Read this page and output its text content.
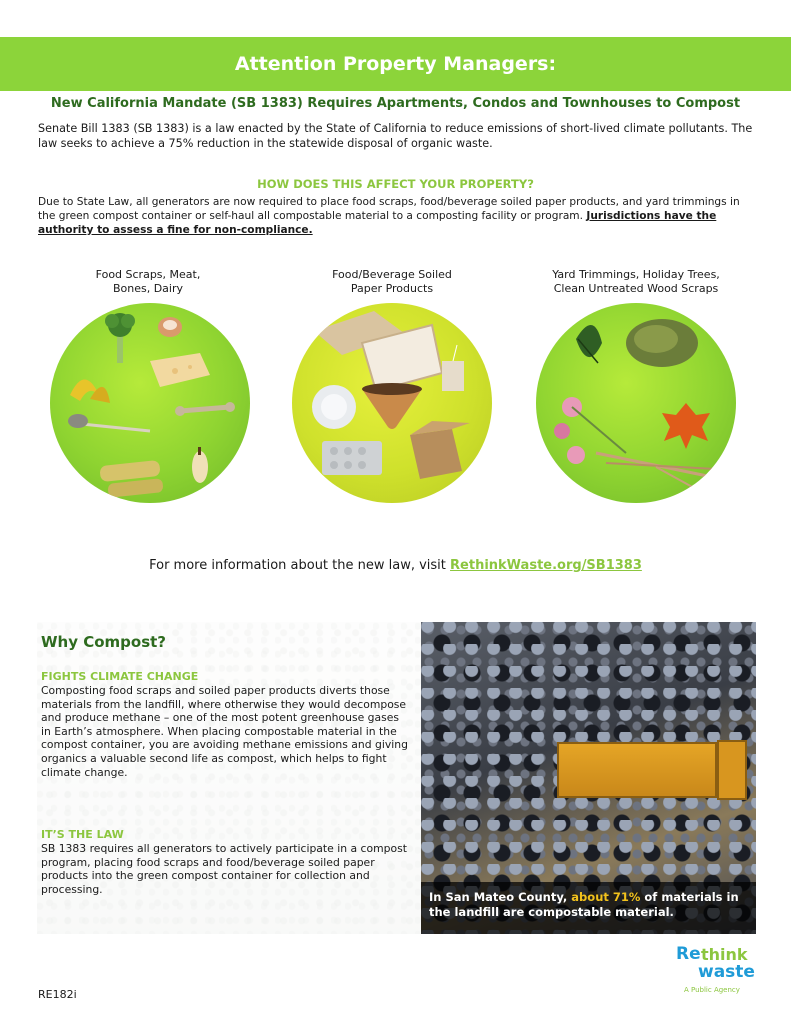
Attention Property Managers:
New California Mandate (SB 1383) Requires Apartments, Condos and Townhouses to Compost
Senate Bill 1383 (SB 1383) is a law enacted by the State of California to reduce emissions of short-lived climate pollutants. The law seeks to achieve a 75% reduction in the statewide disposal of organic waste.
HOW DOES THIS AFFECT YOUR PROPERTY?
Due to State Law, all generators are now required to place food scraps, food/beverage soiled paper products, and yard trimmings in the green compost container or self-haul all compostable material to a composting facility or program. Jurisdictions have the authority to assess a fine for non-compliance.
Food Scraps, Meat,
Bones, Dairy
Food/Beverage Soiled
Paper Products
Yard Trimmings, Holiday Trees,
Clean Untreated Wood Scraps
For more information about the new law, visit RethinkWaste.org/SB1383
Why Compost?
FIGHTS CLIMATE CHANGE

Composting food scraps and soiled paper products diverts those materials from the landfill, where otherwise they would decompose and produce methane – one of the most potent greenhouse gases in Earth’s atmosphere. When placing compostable material in the compost container, you are avoiding methane emissions and giving organics a valuable second life as compost, which helps to fight climate change.

IT’S THE LAW

SB 1383 requires all generators to actively participate in a compost program, placing food scraps and food/beverage soiled paper products into the green compost container for collection and processing.

In San Mateo County, about 71% of materials in the landfill are compostable material.
Re think
waste
A Public Agency
RE182i
